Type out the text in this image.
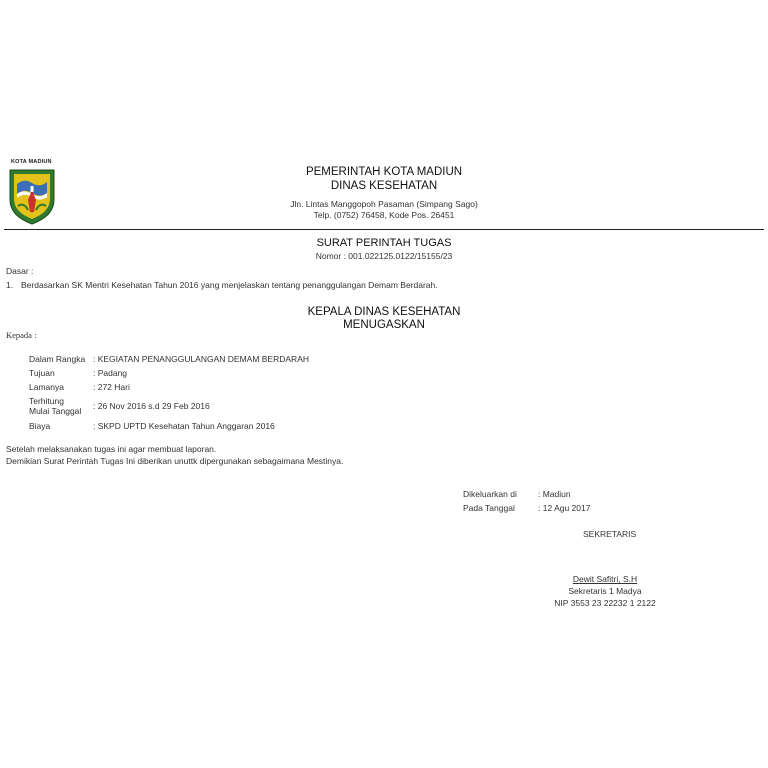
KOTA MADIUN
PEMERINTAH KOTA MADIUN
DINAS KESEHATAN
Jln. Lintas Manggopoh Pasaman (Simpang Sago)
Telp. (0752) 76458, Kode Pos. 26451
SURAT PERINTAH TUGAS
Nomor : 001.022125.0122/15155/23
Dasar :
1. Berdasarkan SK Mentri Kesehatan Tahun 2016 yang menjelaskan tentang penanggulangan Demam Berdarah.
KEPALA DINAS KESEHATAN
MENUGASKAN
Kepada :
Dalam Rangka : KEGIATAN PENANGGULANGAN DEMAM BERDARAH
Tujuan	: Padang
Lamanya	: 272 Hari
Terhitung
Mulai Tanggal : 26 Nov 2016 s.d 29 Feb 2016
Biaya	: SKPD UPTD Kesehatan Tahun Anggaran 2016
Setelah melaksanakan tugas ini agar membuat laporan.
Demikian Surat Perintah Tugas Ini diberikan unuttk dipergunakan sebagaimana Mestinya.
Dikeluarkan di : Madiun
Pada Tanggal	: 12 Agu 2017
SEKRETARIS
Dewit Safitri, S.H
Sekretaris 1 Madya
NIP 3553 23 22232 1 2122
